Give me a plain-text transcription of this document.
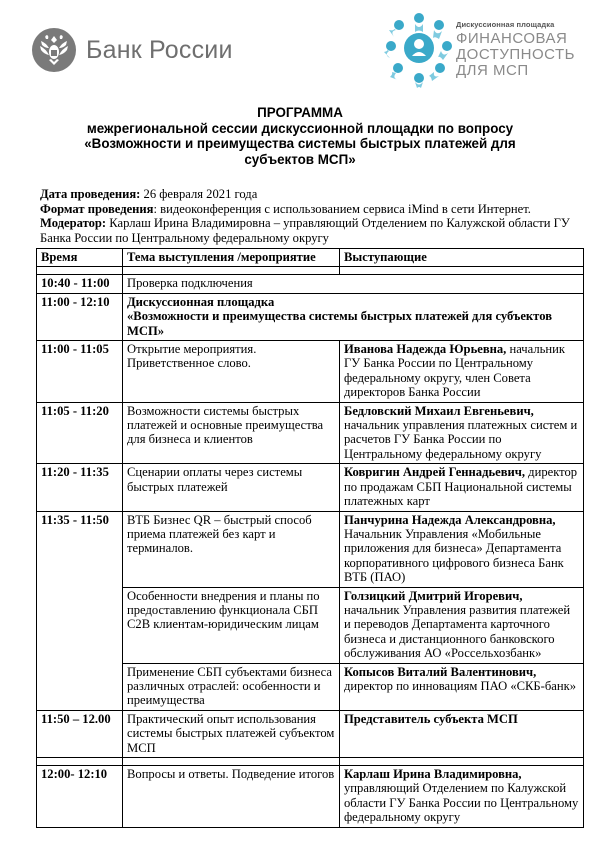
Банк России
Дискуссионная площадка
ФИНАНСОВАЯ
ДОСТУПНОСТЬ
ДЛЯ МСП
ПРОГРАММА
межрегиональной сессии дискуссионной площадки по вопросу
«Возможности и преимущества системы быстрых платежей для
субъектов МСП»
Дата проведения: 26 февраля 2021 года
Формат проведения: видеоконференция с использованием сервиса iMind в сети Интернет.
Модератор: Карлаш Ирина Владимировна – управляющий Отделением по Калужской области ГУ Банка России по Центральному федеральному округу
Время	Тема выступления /мероприятие	Выступающие

10:40 - 11:00	Проверка подключения	
11:00 - 12:10	Дискуссионная площадка
«Возможности и преимущества системы быстрых платежей для субъектов МСП»	

11:00 - 11:05	Открытие мероприятия. Приветственное слово.	Иванова Надежда Юрьевна, начальник ГУ Банка России по Центральному федеральному округу, член Совета директоров Банка России
11:05 - 11:20	Возможности системы быстрых платежей и основные преимущества для бизнеса и клиентов	Бедловский Михаил Евгеньевич, начальник управления платежных систем и расчетов ГУ Банка России по Центральному федеральному округу
11:20 - 11:35	Сценарии оплаты через системы быстрых платежей	Ковригин Андрей Геннадьевич, директор по продажам СБП Национальной системы платежных карт
11:35 - 11:50	ВТБ Бизнес QR – быстрый способ приема платежей без карт и терминалов.	Панчурина Надежда Александровна, Начальник Управления «Мобильные приложения для бизнеса» Департамента корпоративного цифрового бизнеса Банк ВТБ (ПАО)
	Особенности внедрения и планы по предоставлению функционала СБП C2B клиентам-юридическим лицам	Голзицкий Дмитрий Игоревич, начальник Управления развития платежей и переводов Департамента карточного бизнеса и дистанционного банковского обслуживания АО «Россельхозбанк»
	Применение СБП субъектами бизнеса различных отраслей: особенности и преимущества	Копысов Виталий Валентинович, директор по инновациям ПАО «СКБ-банк»
11:50 – 12.00	Практический опыт использования системы быстрых платежей субъектом МСП	Представитель субъекта МСП

12:00- 12:10	Вопросы и ответы. Подведение итогов	Карлаш Ирина Владимировна, управляющий Отделением по Калужской области ГУ Банка России по Центральному федеральному округу
